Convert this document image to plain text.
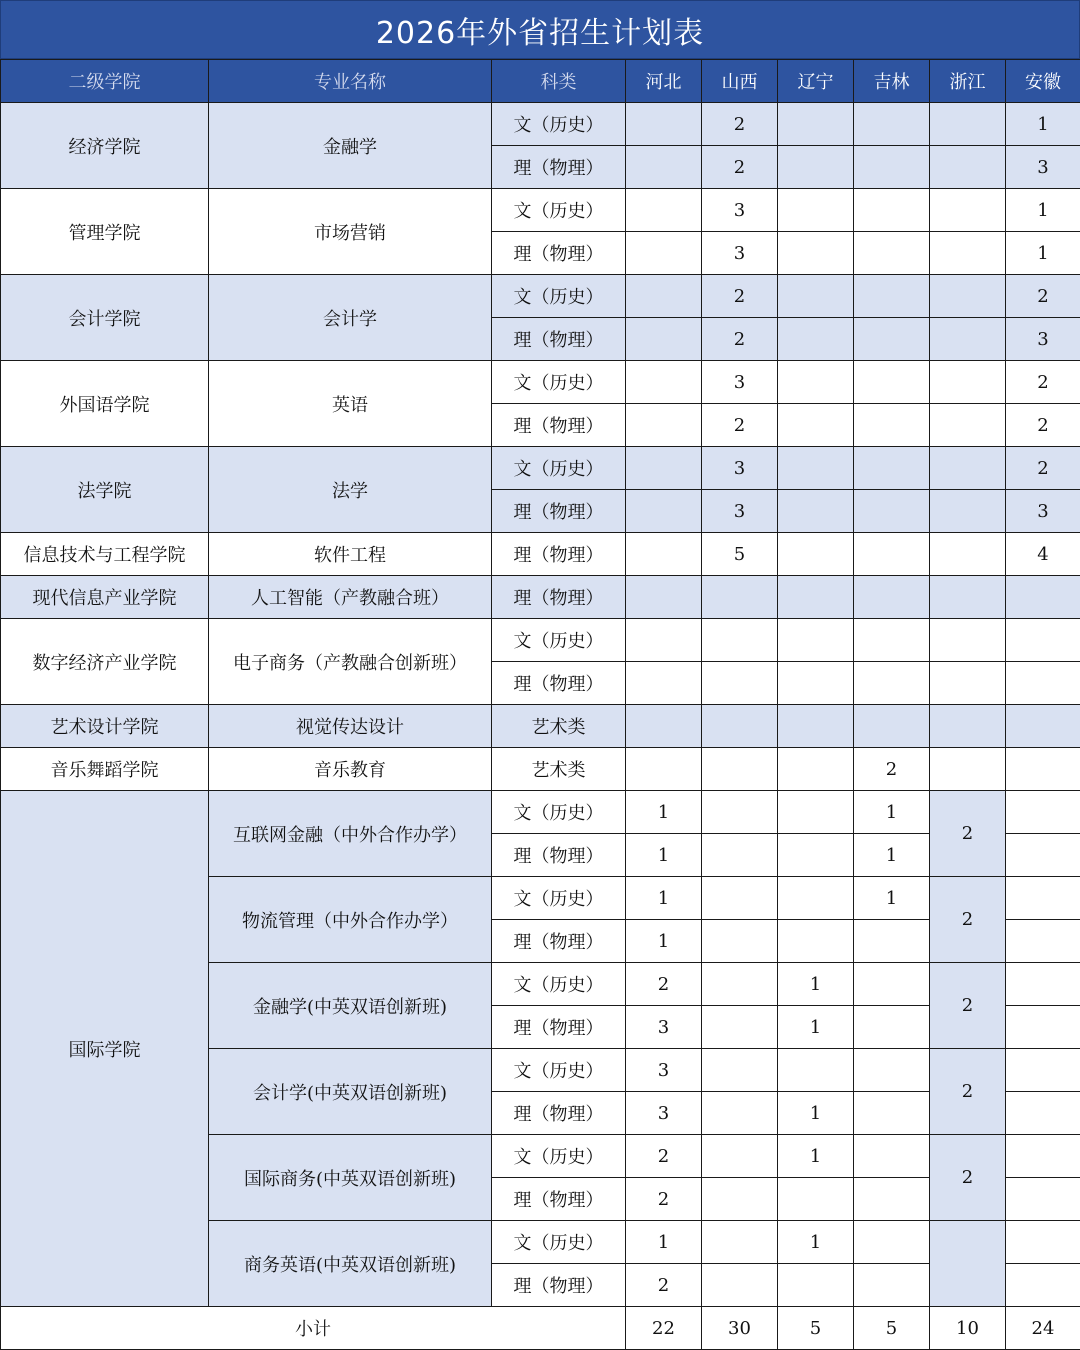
2026年外省招生计划表
二级学院	专业名称	科类	河北	山西	辽宁	吉林	浙江	安徽
经济学院	金融学	文（历史）		2				1
		理（物理）		2				3
管理学院	市场营销	文（历史）		3				1
		理（物理）		3				1
会计学院	会计学	文（历史）		2				2
		理（物理）		2				3
外国语学院	英语	文（历史）		3				2
		理（物理）		2				2
法学院	法学	文（历史）		3				2
		理（物理）		3				3
信息技术与工程学院	软件工程	理（物理）		5				4
现代信息产业学院	人工智能（产教融合班）	理（物理）						
数字经济产业学院	电子商务（产教融合创新班）	文（历史）						
		理（物理）						
艺术设计学院	视觉传达设计	艺术类						
音乐舞蹈学院	音乐教育	艺术类				2		
国际学院	互联网金融（中外合作办学）	文（历史）	1			1	2	
		理（物理）	1			1		
	物流管理（中外合作办学）	文（历史）	1			1	2	
		理（物理）	1					
	金融学(中英双语创新班)	文（历史）	2		1		2	
		理（物理）	3		1			
	会计学(中英双语创新班)	文（历史）	3				2	
		理（物理）	3		1			
	国际商务(中英双语创新班)	文（历史）	2		1		2	
		理（物理）	2					
	商务英语(中英双语创新班)	文（历史）	1		1			
		理（物理）	2					
小计			22	30	5	5	10	24
